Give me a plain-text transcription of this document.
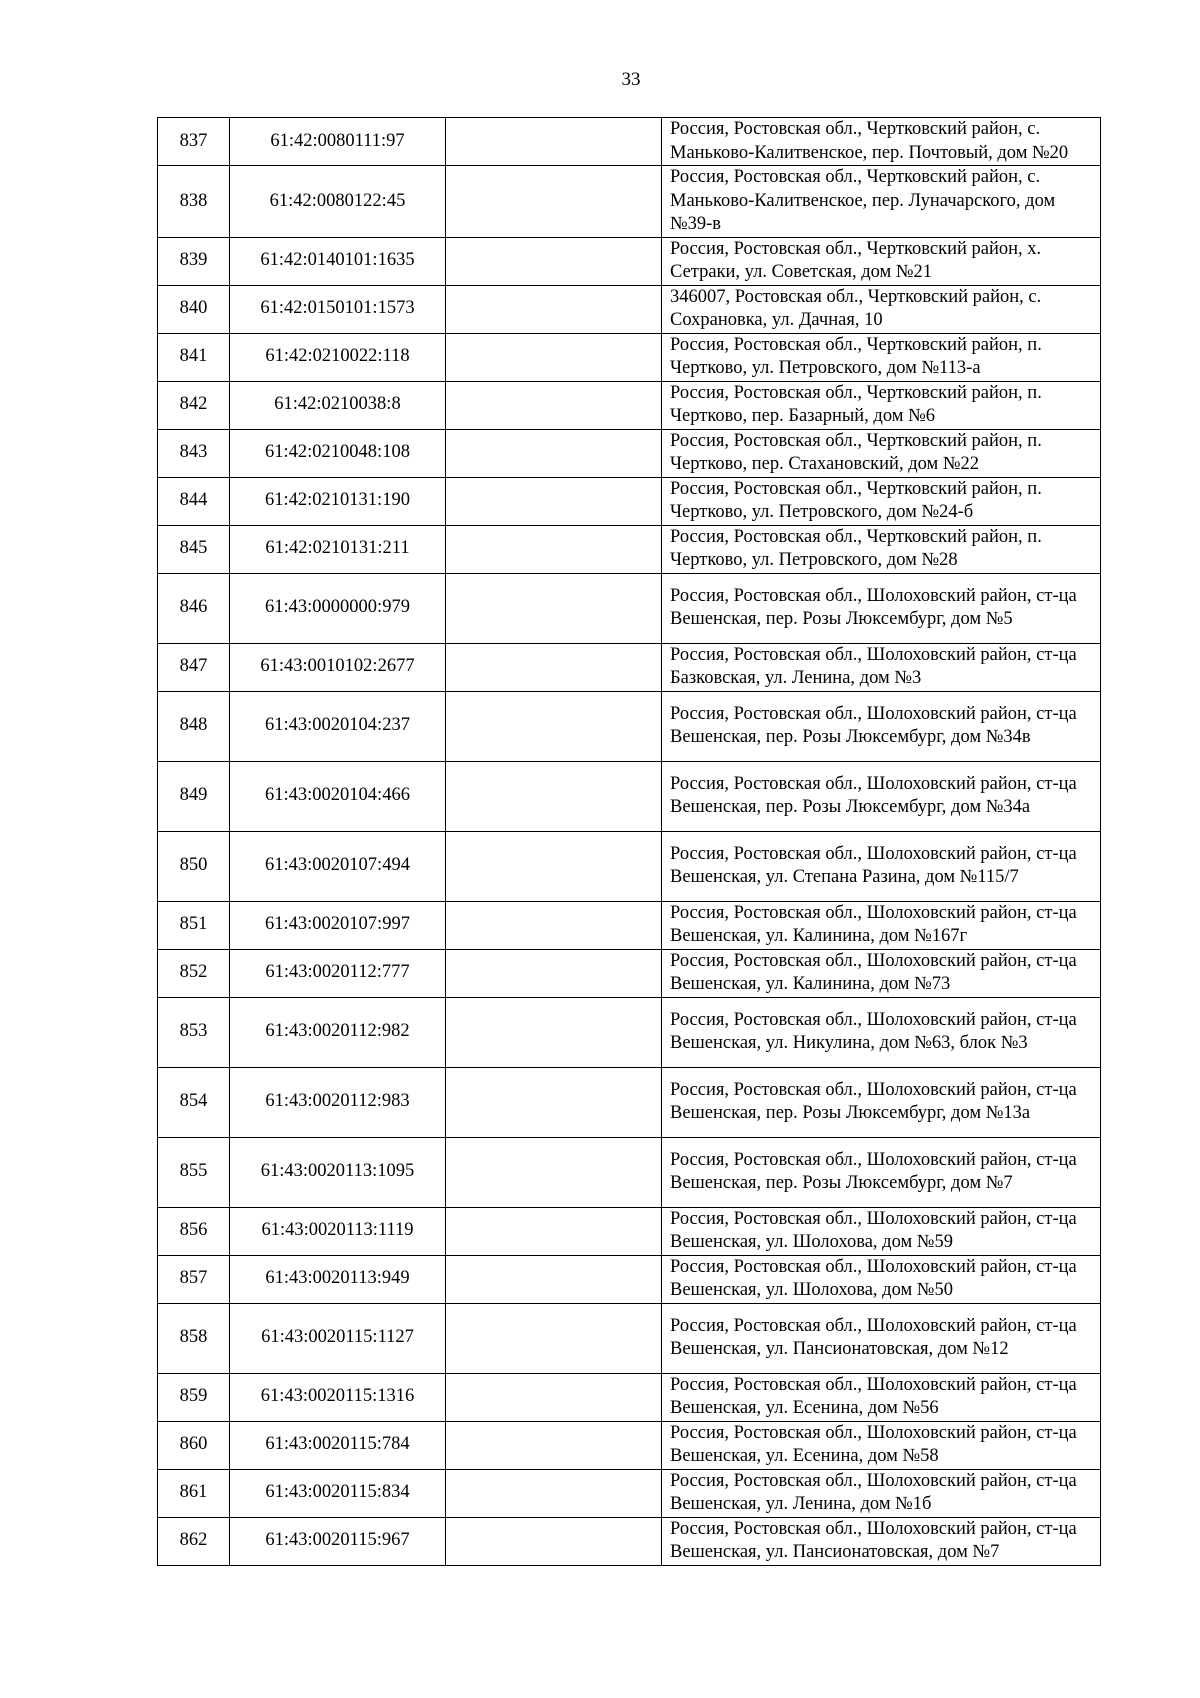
33
837	61:42:0080111:97		Россия, Ростовская обл., Чертковский район, с. Маньково-Калитвенское, пер. Почтовый, дом №20
838	61:42:0080122:45		Россия, Ростовская обл., Чертковский район, с. Маньково-Калитвенское, пер. Луначарского, дом №39-в
839	61:42:0140101:1635		Россия, Ростовская обл., Чертковский район, х. Сетраки, ул. Советская, дом №21
840	61:42:0150101:1573		346007, Ростовская обл., Чертковский район, с. Сохрановка, ул. Дачная, 10
841	61:42:0210022:118		Россия, Ростовская обл., Чертковский район, п. Чертково, ул. Петровского, дом №113-а
842	61:42:0210038:8		Россия, Ростовская обл., Чертковский район, п. Чертково, пер. Базарный, дом №6
843	61:42:0210048:108		Россия, Ростовская обл., Чертковский район, п. Чертково, пер. Стахановский, дом №22
844	61:42:0210131:190		Россия, Ростовская обл., Чертковский район, п. Чертково, ул. Петровского, дом №24-б
845	61:42:0210131:211		Россия, Ростовская обл., Чертковский район, п. Чертково, ул. Петровского, дом №28
846	61:43:0000000:979		Россия, Ростовская обл., Шолоховский район, ст-ца Вешенская, пер. Розы Люксембург, дом №5
847	61:43:0010102:2677		Россия, Ростовская обл., Шолоховский район, ст-ца Базковская, ул. Ленина, дом №3
848	61:43:0020104:237		Россия, Ростовская обл., Шолоховский район, ст-ца Вешенская, пер. Розы Люксембург, дом №34в
849	61:43:0020104:466		Россия, Ростовская обл., Шолоховский район, ст-ца Вешенская, пер. Розы Люксембург, дом №34а
850	61:43:0020107:494		Россия, Ростовская обл., Шолоховский район, ст-ца Вешенская, ул. Степана Разина, дом №115/7
851	61:43:0020107:997		Россия, Ростовская обл., Шолоховский район, ст-ца Вешенская, ул. Калинина, дом №167г
852	61:43:0020112:777		Россия, Ростовская обл., Шолоховский район, ст-ца Вешенская, ул. Калинина, дом №73
853	61:43:0020112:982		Россия, Ростовская обл., Шолоховский район, ст-ца Вешенская, ул. Никулина, дом №63, блок №3
854	61:43:0020112:983		Россия, Ростовская обл., Шолоховский район, ст-ца Вешенская, пер. Розы Люксембург, дом №13а
855	61:43:0020113:1095		Россия, Ростовская обл., Шолоховский район, ст-ца Вешенская, пер. Розы Люксембург, дом №7
856	61:43:0020113:1119		Россия, Ростовская обл., Шолоховский район, ст-ца Вешенская, ул. Шолохова, дом №59
857	61:43:0020113:949		Россия, Ростовская обл., Шолоховский район, ст-ца Вешенская, ул. Шолохова, дом №50
858	61:43:0020115:1127		Россия, Ростовская обл., Шолоховский район, ст-ца Вешенская, ул. Пансионатовская, дом №12
859	61:43:0020115:1316		Россия, Ростовская обл., Шолоховский район, ст-ца Вешенская, ул. Есенина, дом №56
860	61:43:0020115:784		Россия, Ростовская обл., Шолоховский район, ст-ца Вешенская, ул. Есенина, дом №58
861	61:43:0020115:834		Россия, Ростовская обл., Шолоховский район, ст-ца Вешенская, ул. Ленина, дом №1б
862	61:43:0020115:967		Россия, Ростовская обл., Шолоховский район, ст-ца Вешенская, ул. Пансионатовская, дом №7
